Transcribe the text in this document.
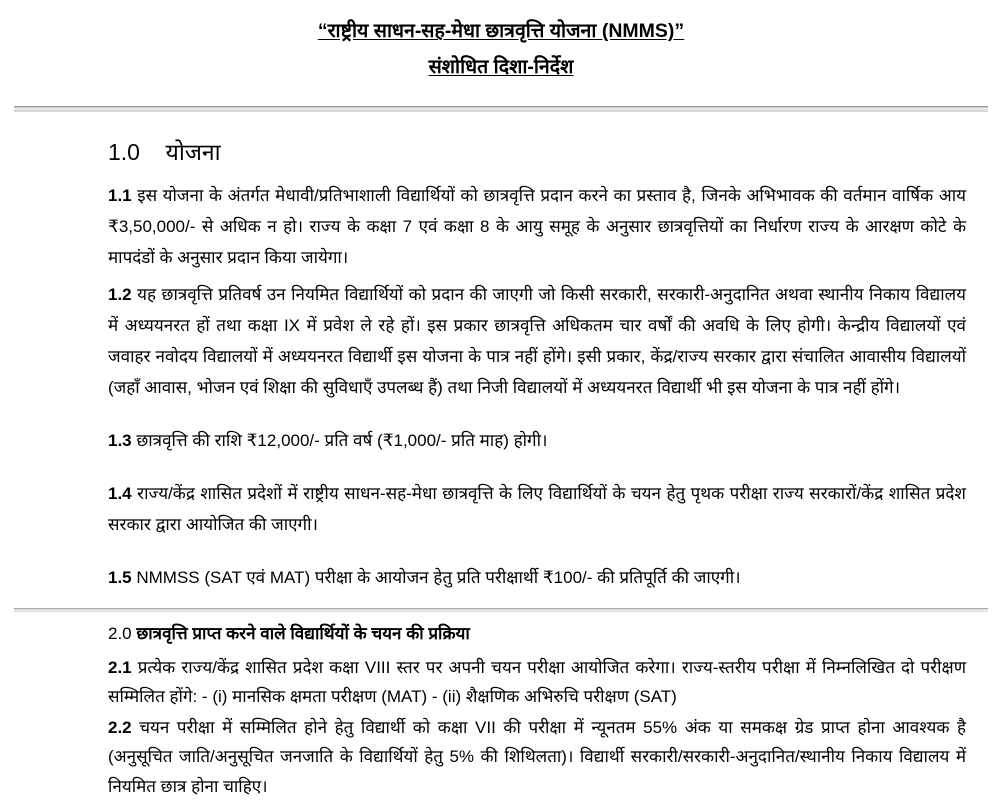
“राष्ट्रीय साधन-सह-मेधा छात्रवृत्ति योजना (NMMS)”
संशोधित दिशा-निर्देश
1.0    योजना

1.1 इस योजना के अंतर्गत मेधावी/प्रतिभाशाली विद्यार्थियों को छात्रवृत्ति प्रदान करने का प्रस्ताव है, जिनके अभिभावक की वर्तमान वार्षिक आय ₹3,50,000/- से अधिक न हो। राज्य के कक्षा 7 एवं कक्षा 8 के आयु समूह के अनुसार छात्रवृत्तियों का निर्धारण राज्य के आरक्षण कोटे के मापदंडों के अनुसार प्रदान किया जायेगा।

1.2 यह छात्रवृत्ति प्रतिवर्ष उन नियमित विद्यार्थियों को प्रदान की जाएगी जो किसी सरकारी, सरकारी-अनुदानित अथवा स्थानीय निकाय विद्यालय में अध्ययनरत हों तथा कक्षा IX में प्रवेश ले रहे हों। इस प्रकार छात्रवृत्ति अधिकतम चार वर्षों की अवधि के लिए होगी। केन्द्रीय विद्यालयों एवं जवाहर नवोदय विद्यालयों में अध्ययनरत विद्यार्थी इस योजना के पात्र नहीं होंगे। इसी प्रकार, केंद्र/राज्य सरकार द्वारा संचालित आवासीय विद्यालयों (जहाँ आवास, भोजन एवं शिक्षा की सुविधाएँ उपलब्ध हैं) तथा निजी विद्यालयों में अध्ययनरत विद्यार्थी भी इस योजना के पात्र नहीं होंगे।

1.3 छात्रवृत्ति की राशि ₹12,000/- प्रति वर्ष (₹1,000/- प्रति माह) होगी।

1.4 राज्य/केंद्र शासित प्रदेशों में राष्ट्रीय साधन-सह-मेधा छात्रवृत्ति के लिए विद्यार्थियों के चयन हेतु पृथक परीक्षा राज्य सरकारों/केंद्र शासित प्रदेश सरकार द्वारा आयोजित की जाएगी।

1.5 NMMSS (SAT एवं MAT) परीक्षा के आयोजन हेतु प्रति परीक्षार्थी ₹100/- की प्रतिपूर्ति की जाएगी।

2.0 छात्रवृत्ति प्राप्त करने वाले विद्यार्थियों के चयन की प्रक्रिया

2.1 प्रत्येक राज्य/केंद्र शासित प्रदेश कक्षा VIII स्तर पर अपनी चयन परीक्षा आयोजित करेगा। राज्य-स्तरीय परीक्षा में निम्नलिखित दो परीक्षण सम्मिलित होंगे: - (i) मानसिक क्षमता परीक्षण (MAT) - (ii) शैक्षणिक अभिरुचि परीक्षण (SAT)

2.2 चयन परीक्षा में सम्मिलित होने हेतु विद्यार्थी को कक्षा VII की परीक्षा में न्यूनतम 55% अंक या समकक्ष ग्रेड प्राप्त होना आवश्यक है (अनुसूचित जाति/अनुसूचित जनजाति के विद्यार्थियों हेतु 5% की शिथिलता)। विद्यार्थी सरकारी/सरकारी-अनुदानित/स्थानीय निकाय विद्यालय में नियमित छात्र होना चाहिए।
